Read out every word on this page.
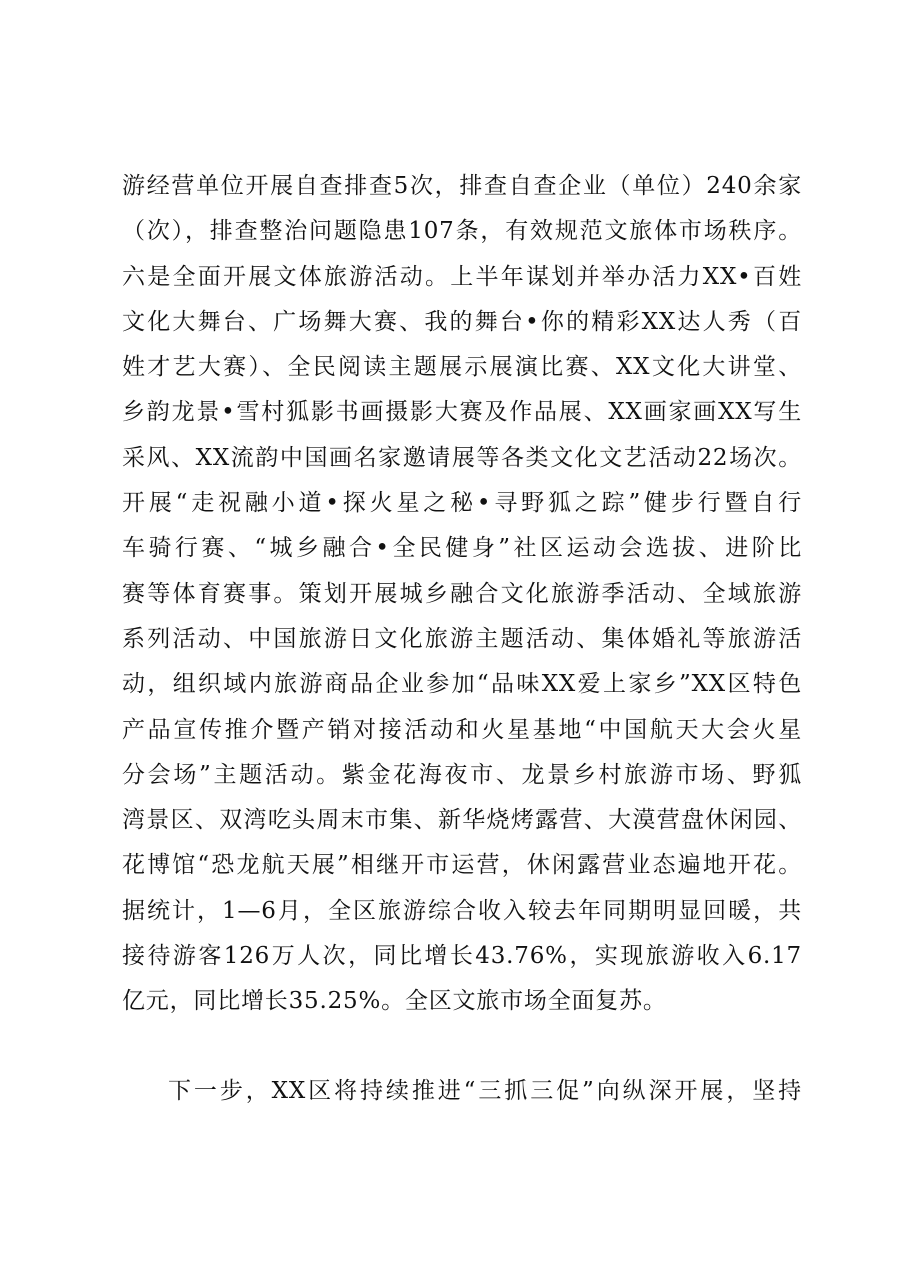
游经营单位开展自查排查5次，排查自查企业（单位）240余家
（次），排查整治问题隐患107条，有效规范文旅体市场秩序。
六是全面开展文体旅游活动。上半年谋划并举办活力XX•百姓
文化大舞台、广场舞大赛、我的舞台•你的精彩XX达人秀（百
姓才艺大赛）、全民阅读主题展示展演比赛、XX文化大讲堂、
乡韵龙景•雪村狐影书画摄影大赛及作品展、XX画家画XX写生
采风、XX流韵中国画名家邀请展等各类文化文艺活动22场次。
开展“走祝融小道•探火星之秘•寻野狐之踪”健步行暨自行
车骑行赛、“城乡融合•全民健身”社区运动会选拔、进阶比
赛等体育赛事。策划开展城乡融合文化旅游季活动、全域旅游
系列活动、中国旅游日文化旅游主题活动、集体婚礼等旅游活
动，组织域内旅游商品企业参加“品味XX爱上家乡”XX区特色
产品宣传推介暨产销对接活动和火星基地“中国航天大会火星
分会场”主题活动。紫金花海夜市、龙景乡村旅游市场、野狐
湾景区、双湾吃头周末市集、新华烧烤露营、大漠营盘休闲园、
花博馆“恐龙航天展”相继开市运营，休闲露营业态遍地开花。
据统计，1—6月，全区旅游综合收入较去年同期明显回暖，共
接待游客126万人次，同比增长43.76%，实现旅游收入6.17
亿元，同比增长35.25%。全区文旅市场全面复苏。
下一步，XX区将持续推进“三抓三促”向纵深开展，坚持
